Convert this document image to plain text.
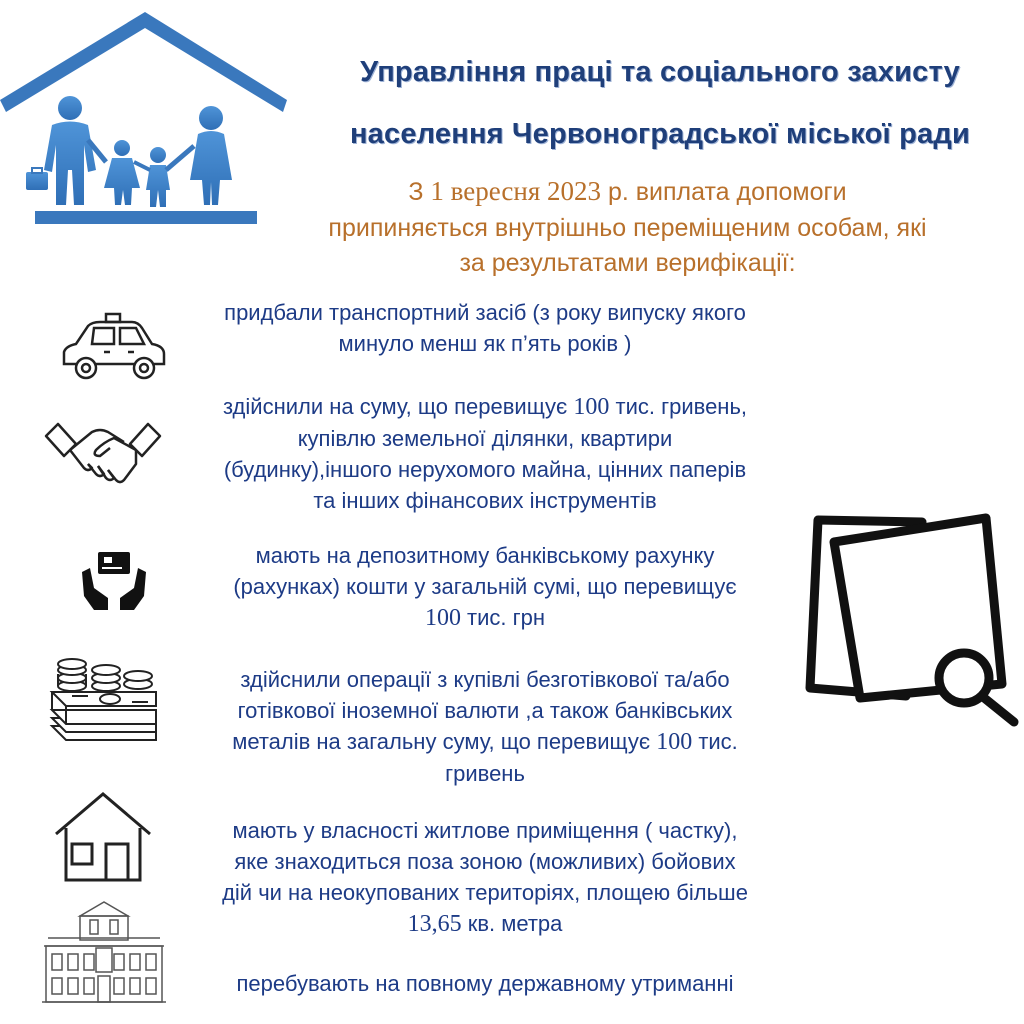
Управління праці та соціального захисту
населення Червоноградської міської ради
З 1 вересня 2023 р. виплата допомоги
припиняється внутрішньо переміщеним особам, які
за результатами верифікації:
придбали транспортний засіб (з року випуску якого
минуло менш як п’ять років )
здійснили на суму, що перевищує 100 тис. гривень,
купівлю земельної ділянки, квартири
(будинку),іншого нерухомого майна, цінних паперів
та інших фінансових інструментів
мають на депозитному банківському рахунку
(рахунках) кошти у загальній сумі, що перевищує
100 тис. грн
здійснили операції з купівлі безготівкової та/або
готівкової іноземної валюти ,а також банківських
металів на загальну суму, що перевищує 100 тис.
гривень
мають у власності житлове приміщення ( частку),
яке знаходиться поза зоною (можливих) бойових
дій чи на неокупованих територіях, площею більше
13,65 кв. метра
перебувають на повному державному утриманні
